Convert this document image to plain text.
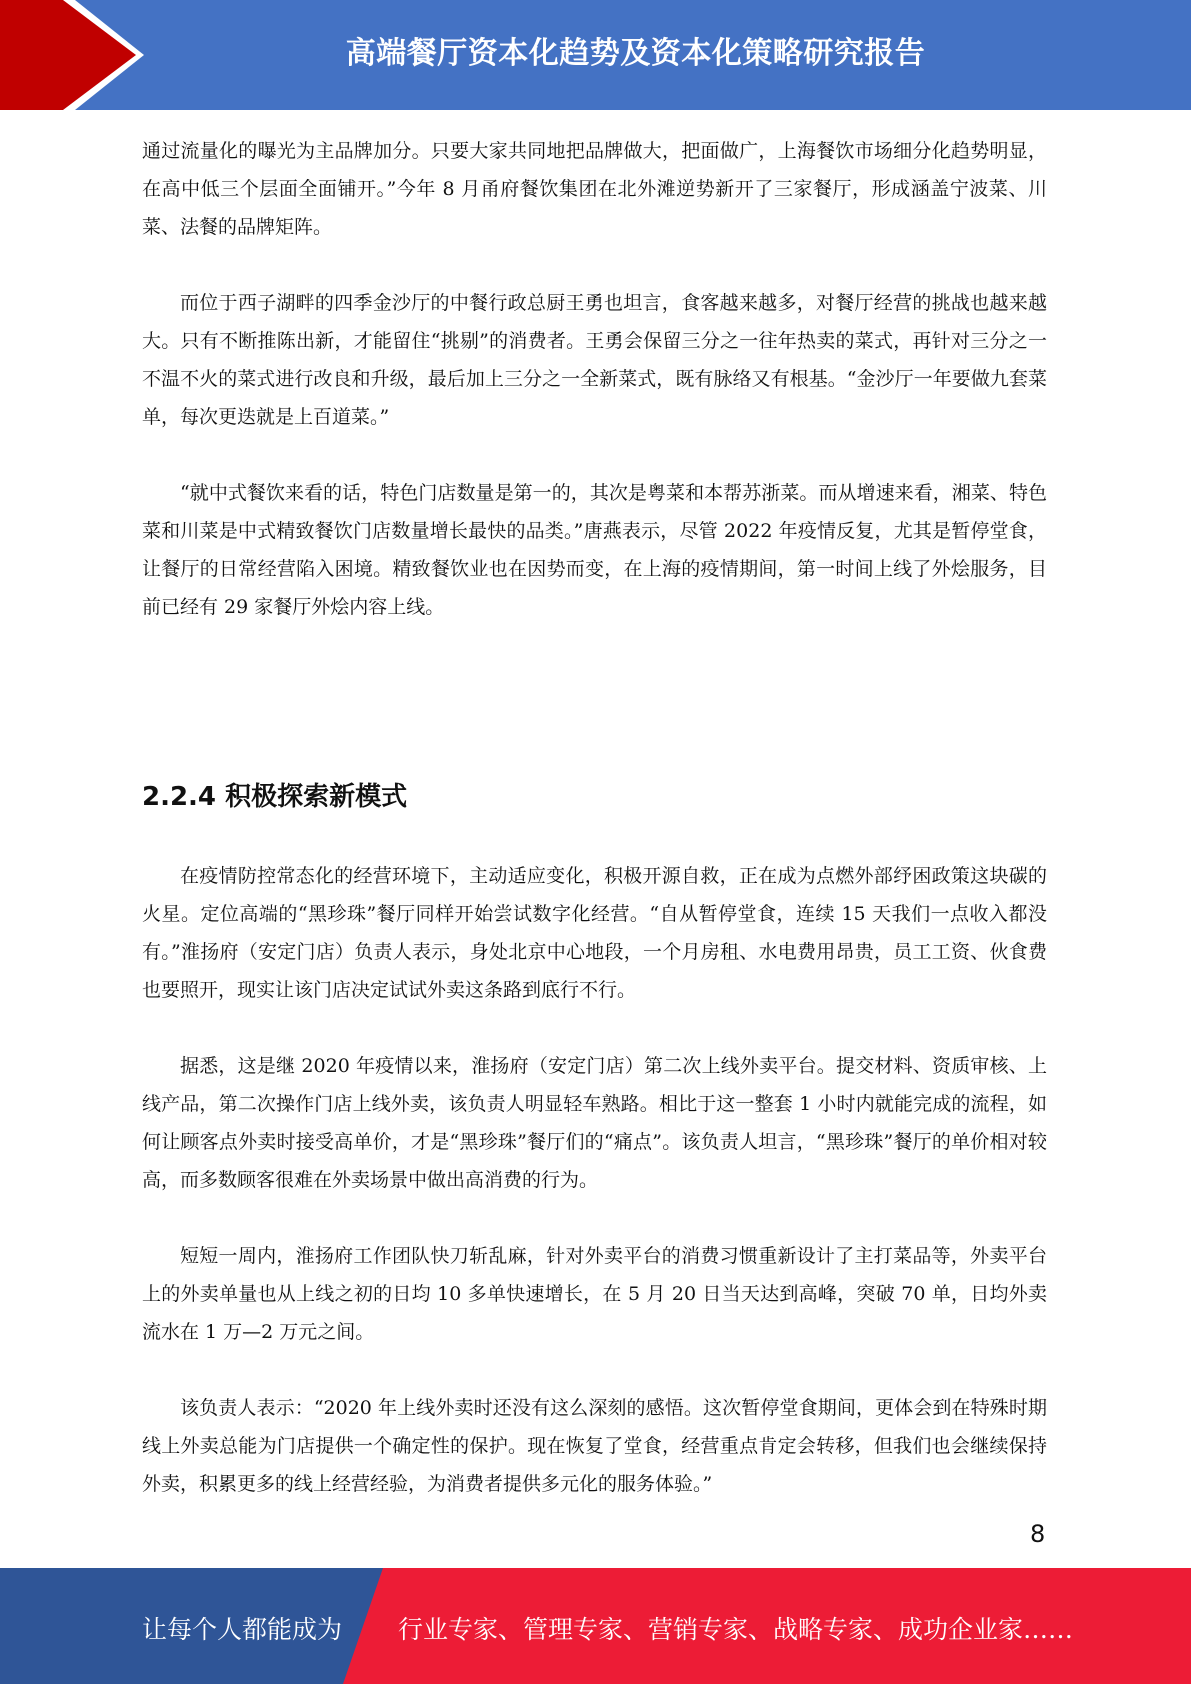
高端餐厅资本化趋势及资本化策略研究报告

通过流量化的曝光为主品牌加分。只要大家共同地把品牌做大，把面做广，上海餐饮市场细分化趋势明显，在高中低三个层面全面铺开。”今年 8 月甬府餐饮集团在北外滩逆势新开了三家餐厅，形成涵盖宁波菜、川菜、法餐的品牌矩阵。

而位于西子湖畔的四季金沙厅的中餐行政总厨王勇也坦言，食客越来越多，对餐厅经营的挑战也越来越大。只有不断推陈出新，才能留住“挑剔”的消费者。王勇会保留三分之一往年热卖的菜式，再针对三分之一不温不火的菜式进行改良和升级，最后加上三分之一全新菜式，既有脉络又有根基。“金沙厅一年要做九套菜单，每次更迭就是上百道菜。”

“就中式餐饮来看的话，特色门店数量是第一的，其次是粤菜和本帮苏浙菜。而从增速来看，湘菜、特色菜和川菜是中式精致餐饮门店数量增长最快的品类。”唐燕表示，尽管 2022 年疫情反复，尤其是暂停堂食，让餐厅的日常经营陷入困境。精致餐饮业也在因势而变，在上海的疫情期间，第一时间上线了外烩服务，目前已经有 29 家餐厅外烩内容上线。

2.2.4 积极探索新模式

在疫情防控常态化的经营环境下，主动适应变化，积极开源自救，正在成为点燃外部纾困政策这块碳的火星。定位高端的“黑珍珠”餐厅同样开始尝试数字化经营。“自从暂停堂食，连续 15 天我们一点收入都没有。”淮扬府（安定门店）负责人表示，身处北京中心地段，一个月房租、水电费用昂贵，员工工资、伙食费也要照开，现实让该门店决定试试外卖这条路到底行不行。

据悉，这是继 2020 年疫情以来，淮扬府（安定门店）第二次上线外卖平台。提交材料、资质审核、上线产品，第二次操作门店上线外卖，该负责人明显轻车熟路。相比于这一整套 1 小时内就能完成的流程，如何让顾客点外卖时接受高单价，才是“黑珍珠”餐厅们的“痛点”。该负责人坦言，“黑珍珠”餐厅的单价相对较高，而多数顾客很难在外卖场景中做出高消费的行为。

短短一周内，淮扬府工作团队快刀斩乱麻，针对外卖平台的消费习惯重新设计了主打菜品等，外卖平台上的外卖单量也从上线之初的日均 10 多单快速增长，在 5 月 20 日当天达到高峰，突破 70 单，日均外卖流水在 1 万—2 万元之间。

该负责人表示：“2020 年上线外卖时还没有这么深刻的感悟。这次暂停堂食期间，更体会到在特殊时期线上外卖总能为门店提供一个确定性的保护。现在恢复了堂食，经营重点肯定会转移，但我们也会继续保持外卖，积累更多的线上经营经验，为消费者提供多元化的服务体验。”

8
让每个人都能成为 行业专家、管理专家、营销专家、战略专家、成功企业家……
